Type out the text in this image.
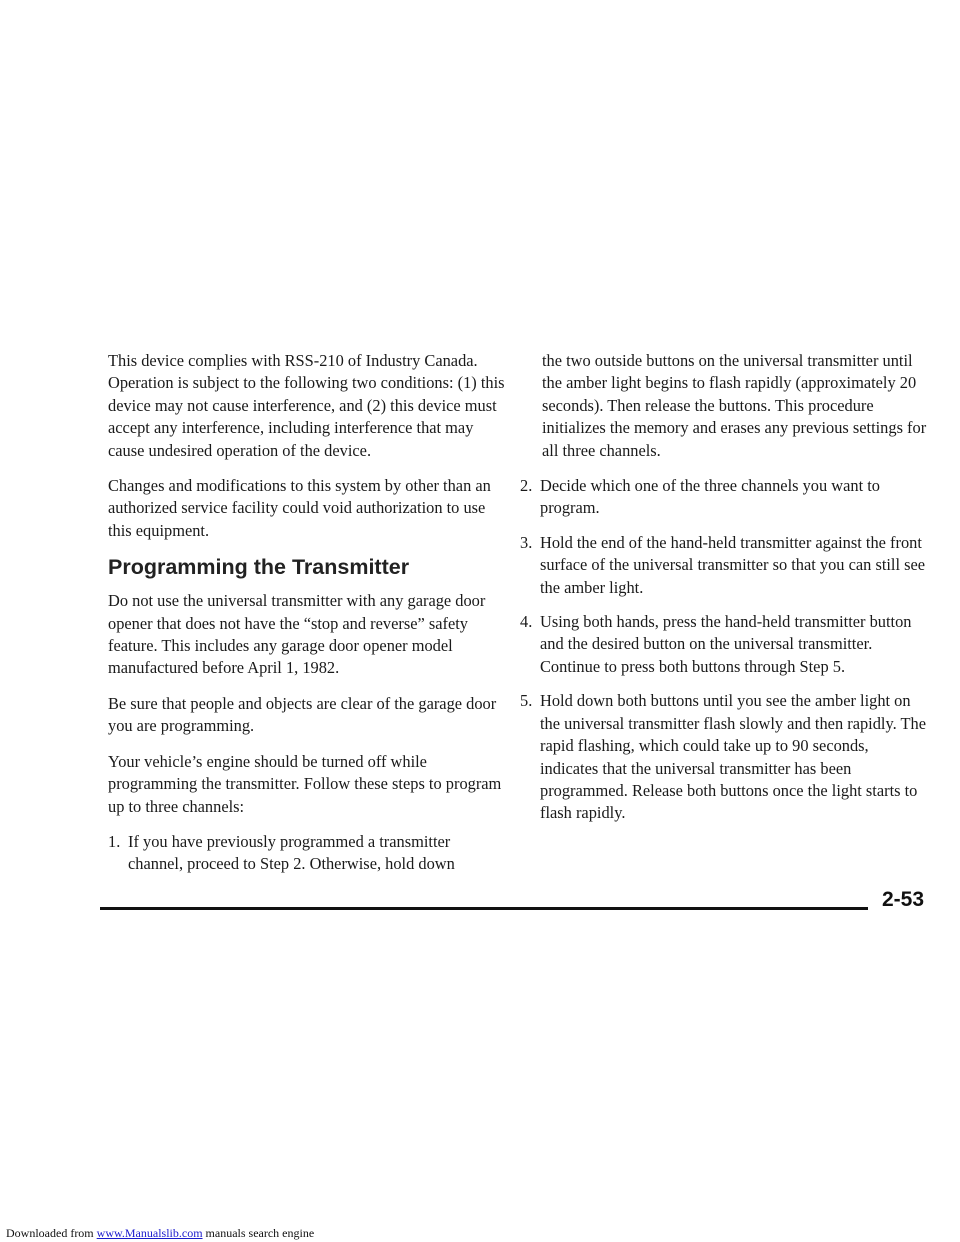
This device complies with RSS-210 of Industry Canada. Operation is subject to the following two conditions: (1) this device may not cause interference, and (2) this device must accept any interference, including interference that may cause undesired operation of the device.

Changes and modifications to this system by other than an authorized service facility could void authorization to use this equipment.

Programming the Transmitter

Do not use the universal transmitter with any garage door opener that does not have the “stop and reverse” safety feature. This includes any garage door opener model manufactured before April 1, 1982.

Be sure that people and objects are clear of the garage door you are programming.

Your vehicle’s engine should be turned off while programming the transmitter. Follow these steps to program up to three channels:

1. If you have previously programmed a transmitter channel, proceed to Step 2. Otherwise, hold down

the two outside buttons on the universal transmitter until the amber light begins to flash rapidly (approximately 20 seconds). Then release the buttons. This procedure initializes the memory and erases any previous settings for all three channels.

2. Decide which one of the three channels you want to program.
3. Hold the end of the hand-held transmitter against the front surface of the universal transmitter so that you can still see the amber light.
4. Using both hands, press the hand-held transmitter button and the desired button on the universal transmitter. Continue to press both buttons through Step 5.
5. Hold down both buttons until you see the amber light on the universal transmitter flash slowly and then rapidly. The rapid flashing, which could take up to 90 seconds, indicates that the universal transmitter has been programmed. Release both buttons once the light starts to flash rapidly.
2-53
Downloaded from www.Manualslib.com manuals search engine
